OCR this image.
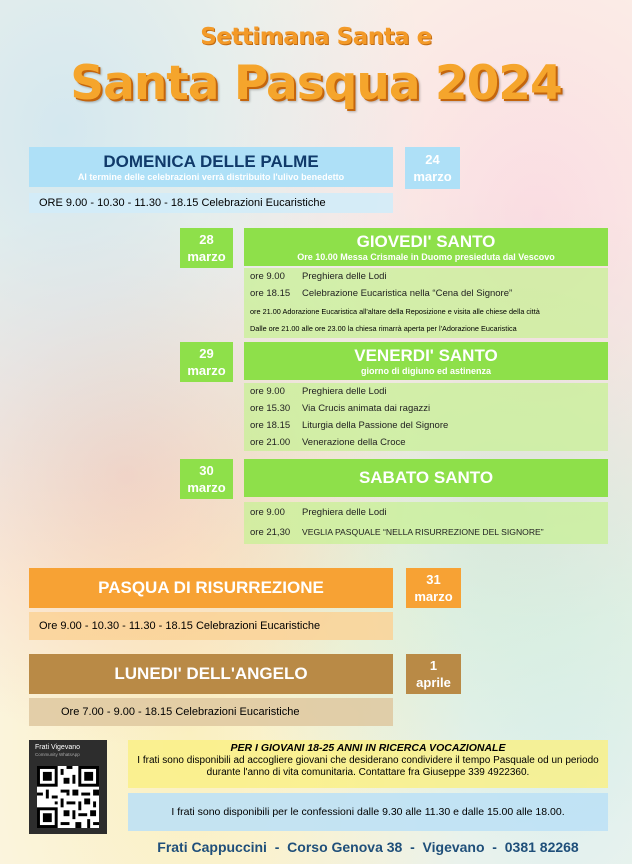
Settimana Santa e
Santa Pasqua 2024
DOMENICA DELLE PALME
Al termine delle celebrazioni verrà distribuito l'ulivo benedetto
24
marzo
ORE 9.00 - 10.30 - 11.30 - 18.15 Celebrazioni Eucaristiche
28
marzo
GIOVEDI' SANTO
Ore 10.00 Messa Crismale in Duomo presieduta dal Vescovo
ore 9.00	Preghiera delle Lodi
ore 18.15	Celebrazione Eucaristica nella “Cena del Signore”
ore 21.00 Adorazione Eucaristica all'altare della Reposizione e visita alle chiese della città
Dalle ore 21.00 alle ore 23.00 la chiesa rimarrà aperta per l'Adorazione Eucaristica
29
marzo
VENERDI' SANTO
giorno di digiuno ed astinenza
ore 9.00	Preghiera delle Lodi
ore 15.30	Via Crucis animata dai ragazzi
ore 18.15	Liturgia della Passione del Signore
ore 21.00	Venerazione della Croce
30
marzo
SABATO SANTO
ore 9.00	Preghiera delle Lodi
ore 21,30	VEGLIA PASQUALE “NELLA RISURREZIONE DEL SIGNORE”
PASQUA DI RISURREZIONE	31
marzo
Ore 9.00 - 10.30 - 11.30 - 18.15 Celebrazioni Eucaristiche
LUNEDI' DELL'ANGELO	1
aprile
Ore 7.00 - 9.00 - 18.15 Celebrazioni Eucaristiche
Frati Vigevano
Community WhatsApp
PER I GIOVANI 18-25 ANNI IN RICERCA VOCAZIONALE
I frati sono disponibili ad accogliere giovani che desiderano condividere il tempo Pasquale od un periodo durante l'anno di vita comunitaria. Contattare fra Giuseppe 339 4922360.
I frati sono disponibili per le confessioni dalle 9.30 alle 11.30 e dalle 15.00 alle 18.00.
Frati Cappuccini  -  Corso Genova 38  -  Vigevano  -  0381 82268
